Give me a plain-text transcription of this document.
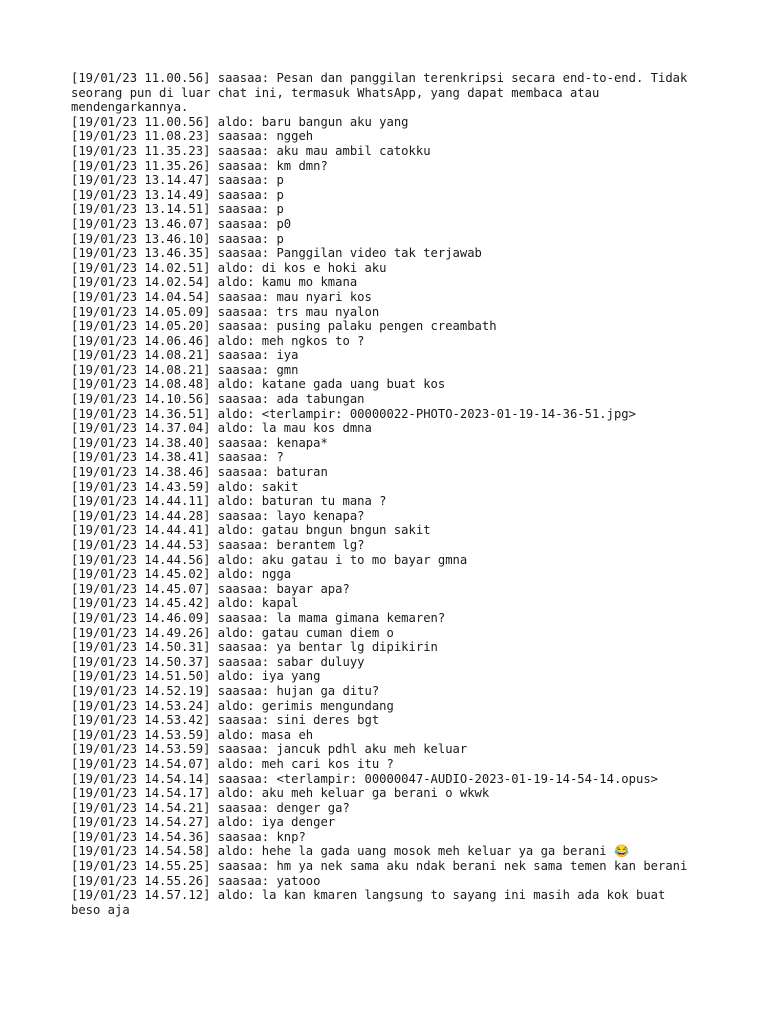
[19/01/23 11.00.56] saasaa: Pesan dan panggilan terenkripsi secara end-to-end. Tidak seorang pun di luar chat ini, termasuk WhatsApp, yang dapat membaca atau mendengarkannya.
[19/01/23 11.00.56] aldo: baru bangun aku yang
[19/01/23 11.08.23] saasaa: nggeh
[19/01/23 11.35.23] saasaa: aku mau ambil catokku
[19/01/23 11.35.26] saasaa: km dmn?
[19/01/23 13.14.47] saasaa: p
[19/01/23 13.14.49] saasaa: p
[19/01/23 13.14.51] saasaa: p
[19/01/23 13.46.07] saasaa: p0
[19/01/23 13.46.10] saasaa: p
[19/01/23 13.46.35] saasaa: Panggilan video tak terjawab
[19/01/23 14.02.51] aldo: di kos e hoki aku
[19/01/23 14.02.54] aldo: kamu mo kmana
[19/01/23 14.04.54] saasaa: mau nyari kos
[19/01/23 14.05.09] saasaa: trs mau nyalon
[19/01/23 14.05.20] saasaa: pusing palaku pengen creambath
[19/01/23 14.06.46] aldo: meh ngkos to ?
[19/01/23 14.08.21] saasaa: iya
[19/01/23 14.08.21] saasaa: gmn
[19/01/23 14.08.48] aldo: katane gada uang buat kos
[19/01/23 14.10.56] saasaa: ada tabungan
[19/01/23 14.36.51] aldo: <terlampir: 00000022-PHOTO-2023-01-19-14-36-51.jpg>
[19/01/23 14.37.04] aldo: la mau kos dmna
[19/01/23 14.38.40] saasaa: kenapa*
[19/01/23 14.38.41] saasaa: ?
[19/01/23 14.38.46] saasaa: baturan
[19/01/23 14.43.59] aldo: sakit
[19/01/23 14.44.11] aldo: baturan tu mana ?
[19/01/23 14.44.28] saasaa: layo kenapa?
[19/01/23 14.44.41] aldo: gatau bngun bngun sakit
[19/01/23 14.44.53] saasaa: berantem lg?
[19/01/23 14.44.56] aldo: aku gatau i to mo bayar gmna
[19/01/23 14.45.02] aldo: ngga
[19/01/23 14.45.07] saasaa: bayar apa?
[19/01/23 14.45.42] aldo: kapal
[19/01/23 14.46.09] saasaa: la mama gimana kemaren?
[19/01/23 14.49.26] aldo: gatau cuman diem o
[19/01/23 14.50.31] saasaa: ya bentar lg dipikirin
[19/01/23 14.50.37] saasaa: sabar duluyy
[19/01/23 14.51.50] aldo: iya yang
[19/01/23 14.52.19] saasaa: hujan ga ditu?
[19/01/23 14.53.24] aldo: gerimis mengundang
[19/01/23 14.53.42] saasaa: sini deres bgt
[19/01/23 14.53.59] aldo: masa eh
[19/01/23 14.53.59] saasaa: jancuk pdhl aku meh keluar
[19/01/23 14.54.07] aldo: meh cari kos itu ?
[19/01/23 14.54.14] saasaa: <terlampir: 00000047-AUDIO-2023-01-19-14-54-14.opus>
[19/01/23 14.54.17] aldo: aku meh keluar ga berani o wkwk
[19/01/23 14.54.21] saasaa: denger ga?
[19/01/23 14.54.27] aldo: iya denger
[19/01/23 14.54.36] saasaa: knp?
[19/01/23 14.54.58] aldo: hehe la gada uang mosok meh keluar ya ga berani 😂
[19/01/23 14.55.25] saasaa: hm ya nek sama aku ndak berani nek sama temen kan berani
[19/01/23 14.55.26] saasaa: yatooo
[19/01/23 14.57.12] aldo: la kan kmaren langsung to sayang ini masih ada kok buat beso aja
